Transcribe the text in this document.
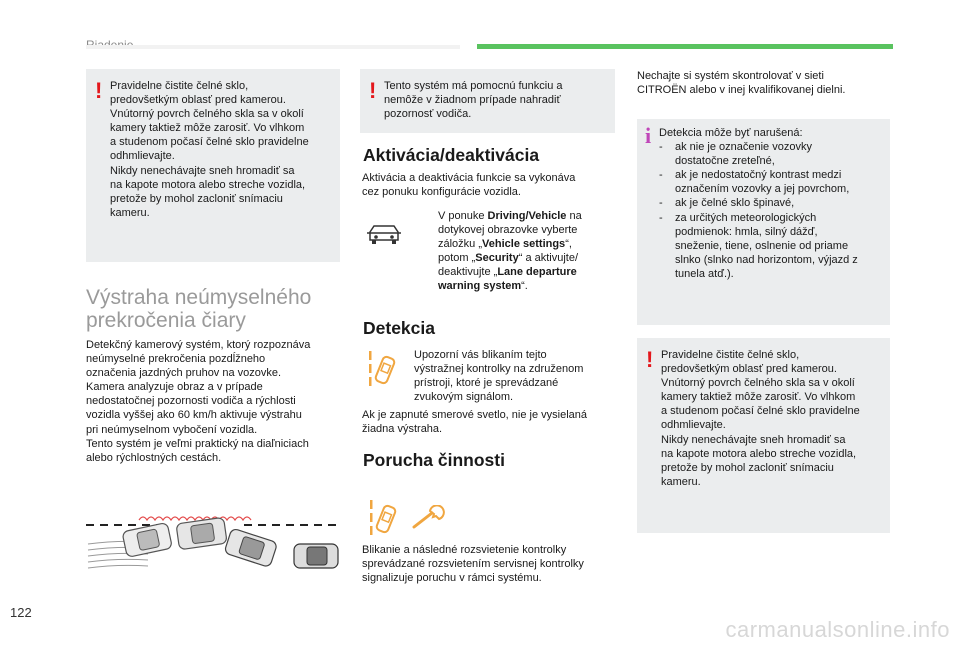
! Pravidelne čistite čelné sklo,
predovšetkým oblasť pred kamerou.
Vnútorný povrch čelného skla sa v okolí
kamery taktiež môže zarosiť. Vo vlhkom
a studenom počasí čelné sklo pravidelne
odhmlievajte.
Nikdy nenechávajte sneh hromadiť sa
na kapote motora alebo streche vozidla,
pretože by mohol zacloniť snímaciu
kameru.
Výstraha neúmyselného
prekročenia čiary
Detekčný kamerový systém, ktorý rozpoznáva
neúmyselné prekročenia pozdĺžneho
označenia jazdných pruhov na vozovke.
Kamera analyzuje obraz a v prípade
nedostatočnej pozornosti vodiča a rýchlosti
vozidla vyššej ako 60 km/h aktivuje výstrahu
pri neúmyselnom vybočení vozidla.
Tento systém je veľmi praktický na diaľniciach
alebo rýchlostných cestách.
! Tento systém má pomocnú funkciu a
nemôže v žiadnom prípade nahradiť
pozornosť vodiča.
Aktivácia/deaktivácia
Aktivácia a deaktivácia funkcie sa vykonáva
cez ponuku konfigurácie vozidla.
V ponuke Driving/Vehicle na
dotykovej obrazovke vyberte
záložku „Vehicle settings“,
potom „Security“ a aktivujte/
deaktivujte „Lane departure
warning system“.
Detekcia
Upozorní vás blikaním tejto
výstražnej kontrolky na združenom
prístroji, ktoré je sprevádzané
zvukovým signálom.
Ak je zapnuté smerové svetlo, nie je vysielaná
žiadna výstraha.
Porucha činnosti
Blikanie a následné rozsvietenie kontrolky
sprevádzané rozsvietením servisnej kontrolky
signalizuje poruchu v rámci systému.
Nechajte si systém skontrolovať v sieti
CITROËN alebo v inej kvalifikovanej dielni.
i Detekcia môže byť narušená:
-	ak nie je označenie vozovky
dostatočne zreteľné,
-	ak je nedostatočný kontrast medzi
označením vozovky a jej povrchom,
-	ak je čelné sklo špinavé,
-	za určitých meteorologických
podmienok: hmla, silný dážď,
sneženie, tiene, oslnenie od priame
slnko (slnko nad horizontom, výjazd z
tunela atď.).
! Pravidelne čistite čelné sklo,
predovšetkým oblasť pred kamerou.
Vnútorný povrch čelného skla sa v okolí
kamery taktiež môže zarosiť. Vo vlhkom
a studenom počasí čelné sklo pravidelne
odhmlievajte.
Nikdy nenechávajte sneh hromadiť sa
na kapote motora alebo streche vozidla,
pretože by mohol zacloniť snímaciu
kameru.
122
carmanualsonline.info
